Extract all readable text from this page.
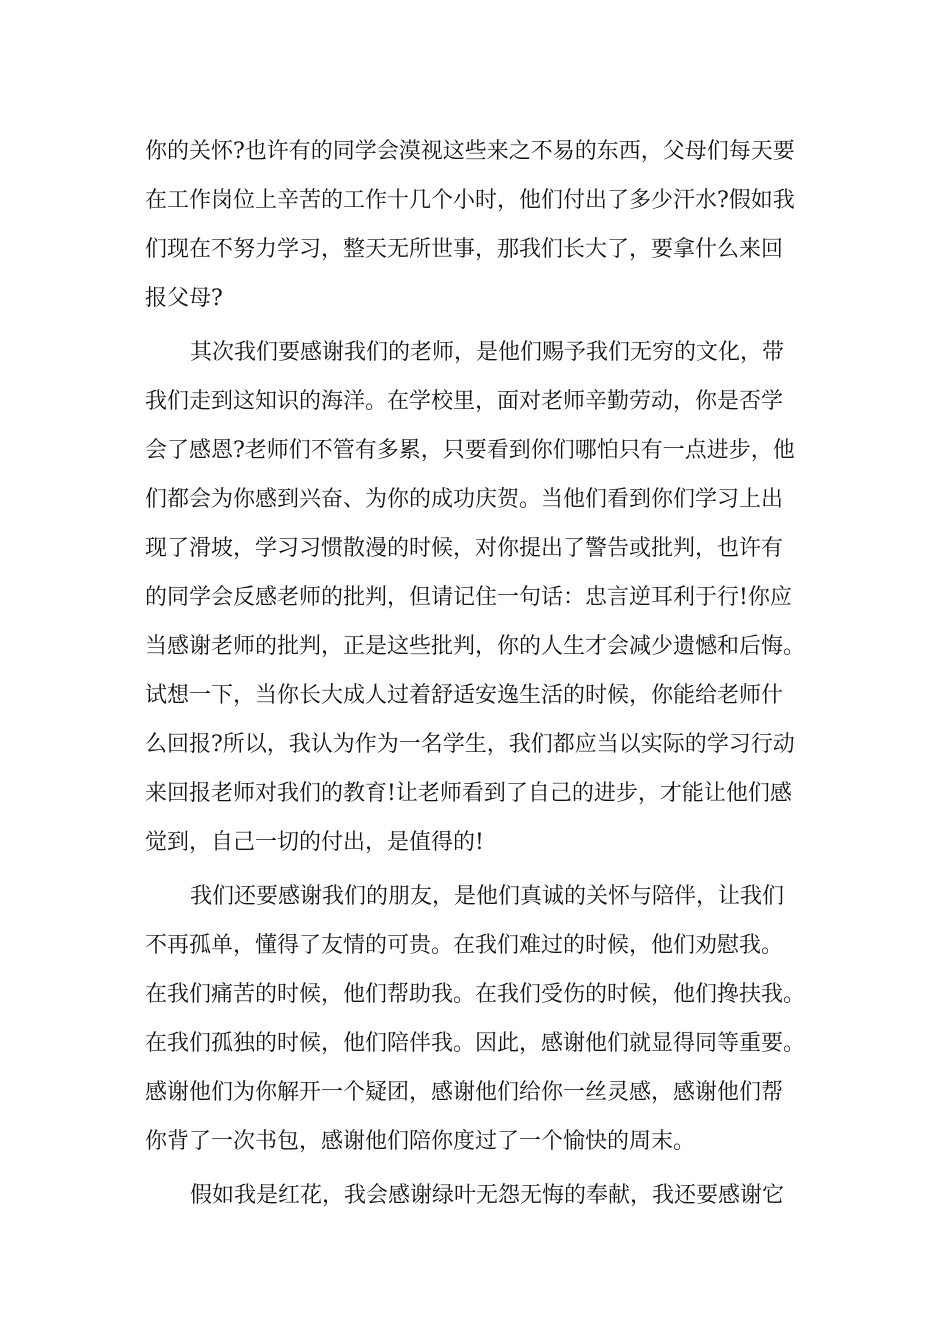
你的关怀?也许有的同学会漠视这些来之不易的东西，父母们每天要
在工作岗位上辛苦的工作十几个小时，他们付出了多少汗水?假如我
们现在不努力学习，整天无所世事，那我们长大了，要拿什么来回
报父母?
其次我们要感谢我们的老师，是他们赐予我们无穷的文化，带
我们走到这知识的海洋。在学校里，面对老师辛勤劳动，你是否学
会了感恩?老师们不管有多累，只要看到你们哪怕只有一点进步，他
们都会为你感到兴奋、为你的成功庆贺。当他们看到你们学习上出
现了滑坡，学习习惯散漫的时候，对你提出了警告或批判，也许有
的同学会反感老师的批判，但请记住一句话：忠言逆耳利于行!你应
当感谢老师的批判，正是这些批判，你的人生才会减少遗憾和后悔。
试想一下，当你长大成人过着舒适安逸生活的时候，你能给老师什
么回报?所以，我认为作为一名学生，我们都应当以实际的学习行动
来回报老师对我们的教育!让老师看到了自己的进步，才能让他们感
觉到，自己一切的付出，是值得的!
我们还要感谢我们的朋友，是他们真诚的关怀与陪伴，让我们
不再孤单，懂得了友情的可贵。在我们难过的时候，他们劝慰我。
在我们痛苦的时候，他们帮助我。在我们受伤的时候，他们搀扶我。
在我们孤独的时候，他们陪伴我。因此，感谢他们就显得同等重要。
感谢他们为你解开一个疑团，感谢他们给你一丝灵感，感谢他们帮
你背了一次书包，感谢他们陪你度过了一个愉快的周末。
假如我是红花，我会感谢绿叶无怨无悔的奉献，我还要感谢它
